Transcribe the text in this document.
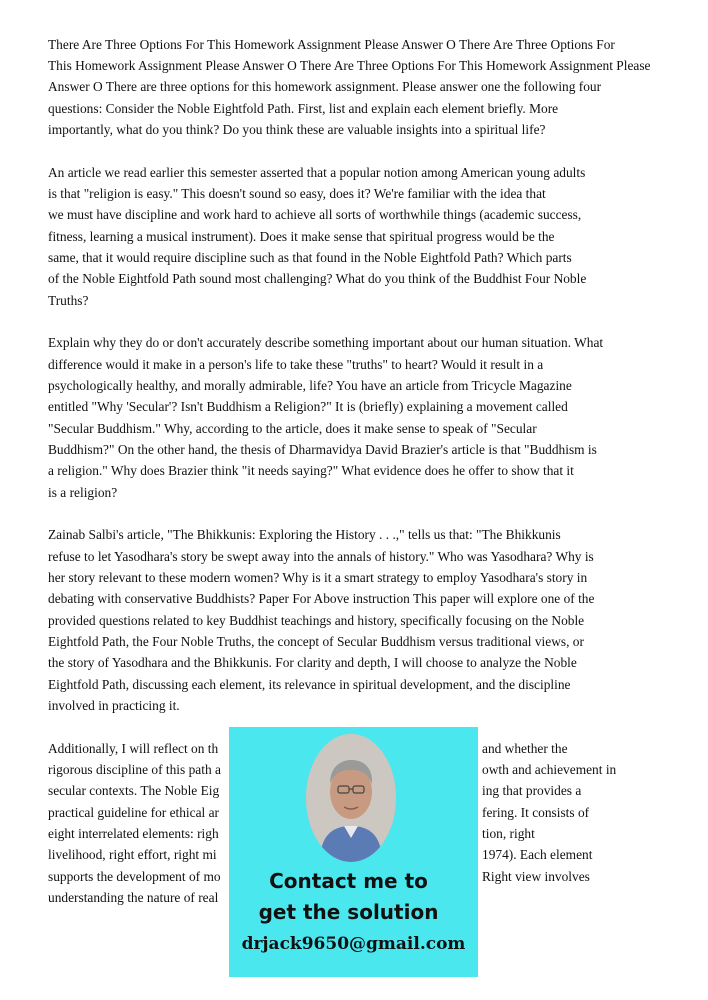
There Are Three Options For This Homework Assignment Please Answer O There Are Three Options For
This Homework Assignment Please Answer O There Are Three Options For This Homework Assignment Please
Answer O There are three options for this homework assignment. Please answer one the following four
questions: Consider the Noble Eightfold Path. First, list and explain each element briefly. More
importantly, what do you think? Do you think these are valuable insights into a spiritual life?
An article we read earlier this semester asserted that a popular notion among American young adults
is that "religion is easy." This doesn't sound so easy, does it? We're familiar with the idea that
we must have discipline and work hard to achieve all sorts of worthwhile things (academic success,
fitness, learning a musical instrument). Does it make sense that spiritual progress would be the
same, that it would require discipline such as that found in the Noble Eightfold Path? Which parts
of the Noble Eightfold Path sound most challenging? What do you think of the Buddhist Four Noble
Truths?
Explain why they do or don't accurately describe something important about our human situation. What
difference would it make in a person's life to take these "truths" to heart? Would it result in a
psychologically healthy, and morally admirable, life? You have an article from Tricycle Magazine
entitled "Why 'Secular'? Isn't Buddhism a Religion?" It is (briefly) explaining a movement called
"Secular Buddhism." Why, according to the article, does it make sense to speak of "Secular
Buddhism?" On the other hand, the thesis of Dharmavidya David Brazier's article is that "Buddhism is
a religion." Why does Brazier think "it needs saying?" What evidence does he offer to show that it
is a religion?
Zainab Salbi's article, "The Bhikkunis: Exploring the History . . .," tells us that: "The Bhikkunis
refuse to let Yasodhara's story be swept away into the annals of history." Who was Yasodhara? Why is
her story relevant to these modern women? Why is it a smart strategy to employ Yasodhara's story in
debating with conservative Buddhists? Paper For Above instruction This paper will explore one of the
provided questions related to key Buddhist teachings and history, specifically focusing on the Noble
Eightfold Path, the Four Noble Truths, the concept of Secular Buddhism versus traditional views, or
the story of Yasodhara and the Bhikkunis. For clarity and depth, I will choose to analyze the Noble
Eightfold Path, discussing each element, its relevance in spiritual development, and the discipline
involved in practicing it.
Additionally, I will reflect on th
rigorous discipline of this path a
secular contexts. The Noble Eig
practical guideline for ethical ar
eight interrelated elements: righ
livelihood, right effort, right mi
supports the development of mo
understanding the nature of real
and whether the
owth and achievement in
ing that provides a
fering. It consists of
tion, right
1974). Each element
Right view involves
Contact me to
get the solution
drjack9650@gmail.com
